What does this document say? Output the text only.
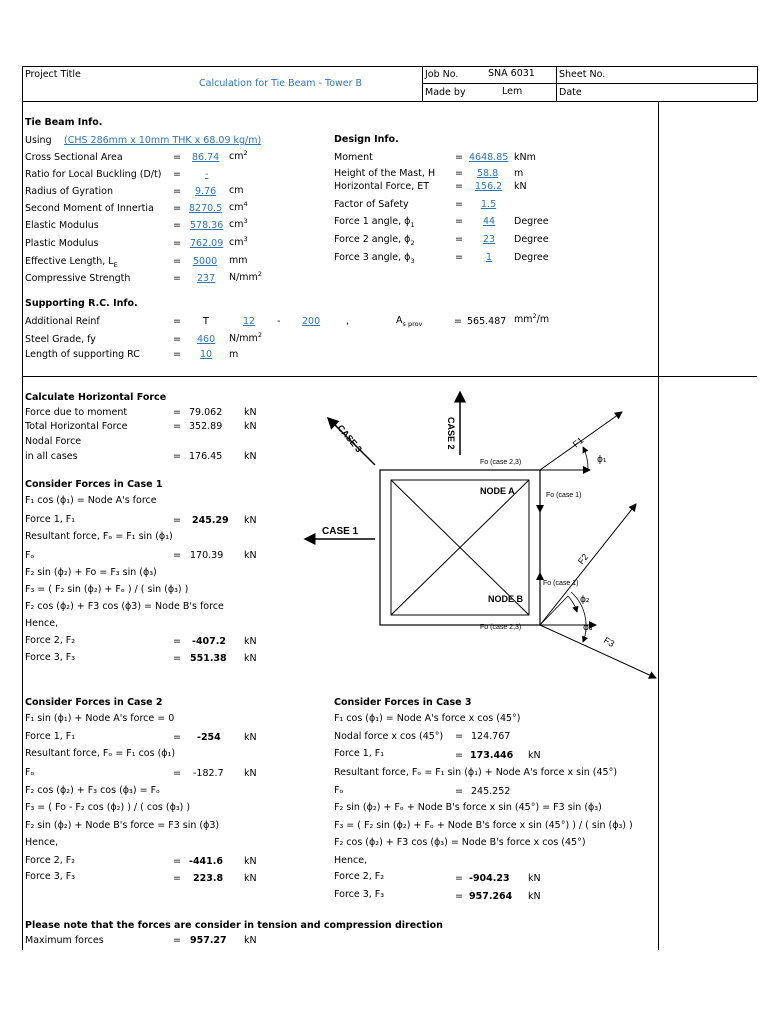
Project Title
Calculation for Tie Beam - Tower B
Job No.	SNA 6031	Sheet No.
Made by	Lem	Date
Tie Beam Info.
Using (CHS 286mm x 10mm THK x 68.09 kg/m)	Design Info.
Supporting R.C. Info.
Additional Reinf	= T	12 - 200	,	$A_{s prov}$	= 565.487 $mm^2/m$
Steel Grade, fy	= 460 $N/mm^2$
Length of supporting RC	= 10 m
Calculate Horizontal Force
Consider Forces in Case 1
F₁ cos (ϕ₁) = Node A's force
Force 1, F₁	= 245.29 kN
Resultant force, Fₒ = F₁ sin (ϕ₁)
Fₒ	= 170.39 kN
F₂ sin (ϕ₂) + Fo = F₃ sin (ϕ₃)
F₃ = ( F₂ sin (ϕ₂) + Fₒ ) / ( sin (ϕ₃) )
F₂ cos (ϕ₂) + F3 cos (ϕ3) = Node B's force
Hence,
Force 2, F₂	= -407.2 kN
Force 3, F₃	= 551.38 kN
CASE 1
CASE 2
CASE 3
NODE A
NODE B
Fo (case 2,3)
Fo (case 1)
Fo (case 1)
Fo (case 2,3)
F1
F2
F3
ϕ₁
ϕ₂
ϕ₃
Consider Forces in Case 2
F₁ sin (ϕ₁) + Node A's force = 0
Force 1, F₁	= -254 kN
Resultant force, Fₒ = F₁ cos (ϕ₁)
Fₒ	= -182.7 kN
F₂ cos (ϕ₂) + F₃ cos (ϕ₃) = Fₒ
F₃ = ( Fo - F₂ cos (ϕ₂) ) / ( cos (ϕ₃) )
F₂ sin (ϕ₂) + Node B's force = F3 sin (ϕ3)
Hence,
Force 2, F₂	= -441.6 kN
Force 3, F₃	= 223.8 kN
Consider Forces in Case 3
F₁ cos (ϕ₁) = Node A's force x cos (45°)
Nodal force x cos (45°) = 124.767
Force 1, F₁	= 173.446 kN
Resultant force, Fₒ = F₁ sin (ϕ₁) + Node A's force x sin (45°)
Fₒ	= 245.252
F₂ sin (ϕ₂) + Fₒ + Node B's force x sin (45°) = F3 sin (ϕ₃)
F₃ = ( F₂ sin (ϕ₂) + Fₒ + Node B's force x sin (45°) ) / ( sin (ϕ₃) )
F₂ cos (ϕ₂) + F3 cos (ϕ₃) = Node B's force x cos (45°)
Hence,
Force 2, F₂	= -904.23 kN
Force 3, F₃	= 957.264 kN
Please note that the forces are consider in tension and compression direction
Maximum forces	= 957.27 kN
Cross Sectional Area	= 86.74 $cm^2$
Ratio for Local Buckling (D/t) =	-
Radius of Gyration	= 9.76 cm
Second Moment of Innertia = 8270.5 $cm^4$
Elastic Modulus	= 578.36 $cm^3$
Plastic Modulus	= 762.09 $cm^3$
Effective Length, $L_E$	= 5000 mm
Compressive Strength	= 237 $N/mm^2$
Moment	= 4648.85 kNm
Height of the Mast, H = 58.8 m
Horizontal Force, ET	= 156.2 kN
Factor of Safety	= 1.5
Force 1 angle, $\phi_1$	= 44 Degree
Force 2 angle, $\phi_2$	= 23 Degree
Force 3 angle, $\phi_3$	= 1 Degree
Force due to moment	= 79.062 kN
Total Horizontal Force	= 352.89 kN
Nodal Force
in all cases	= 176.45 kN
